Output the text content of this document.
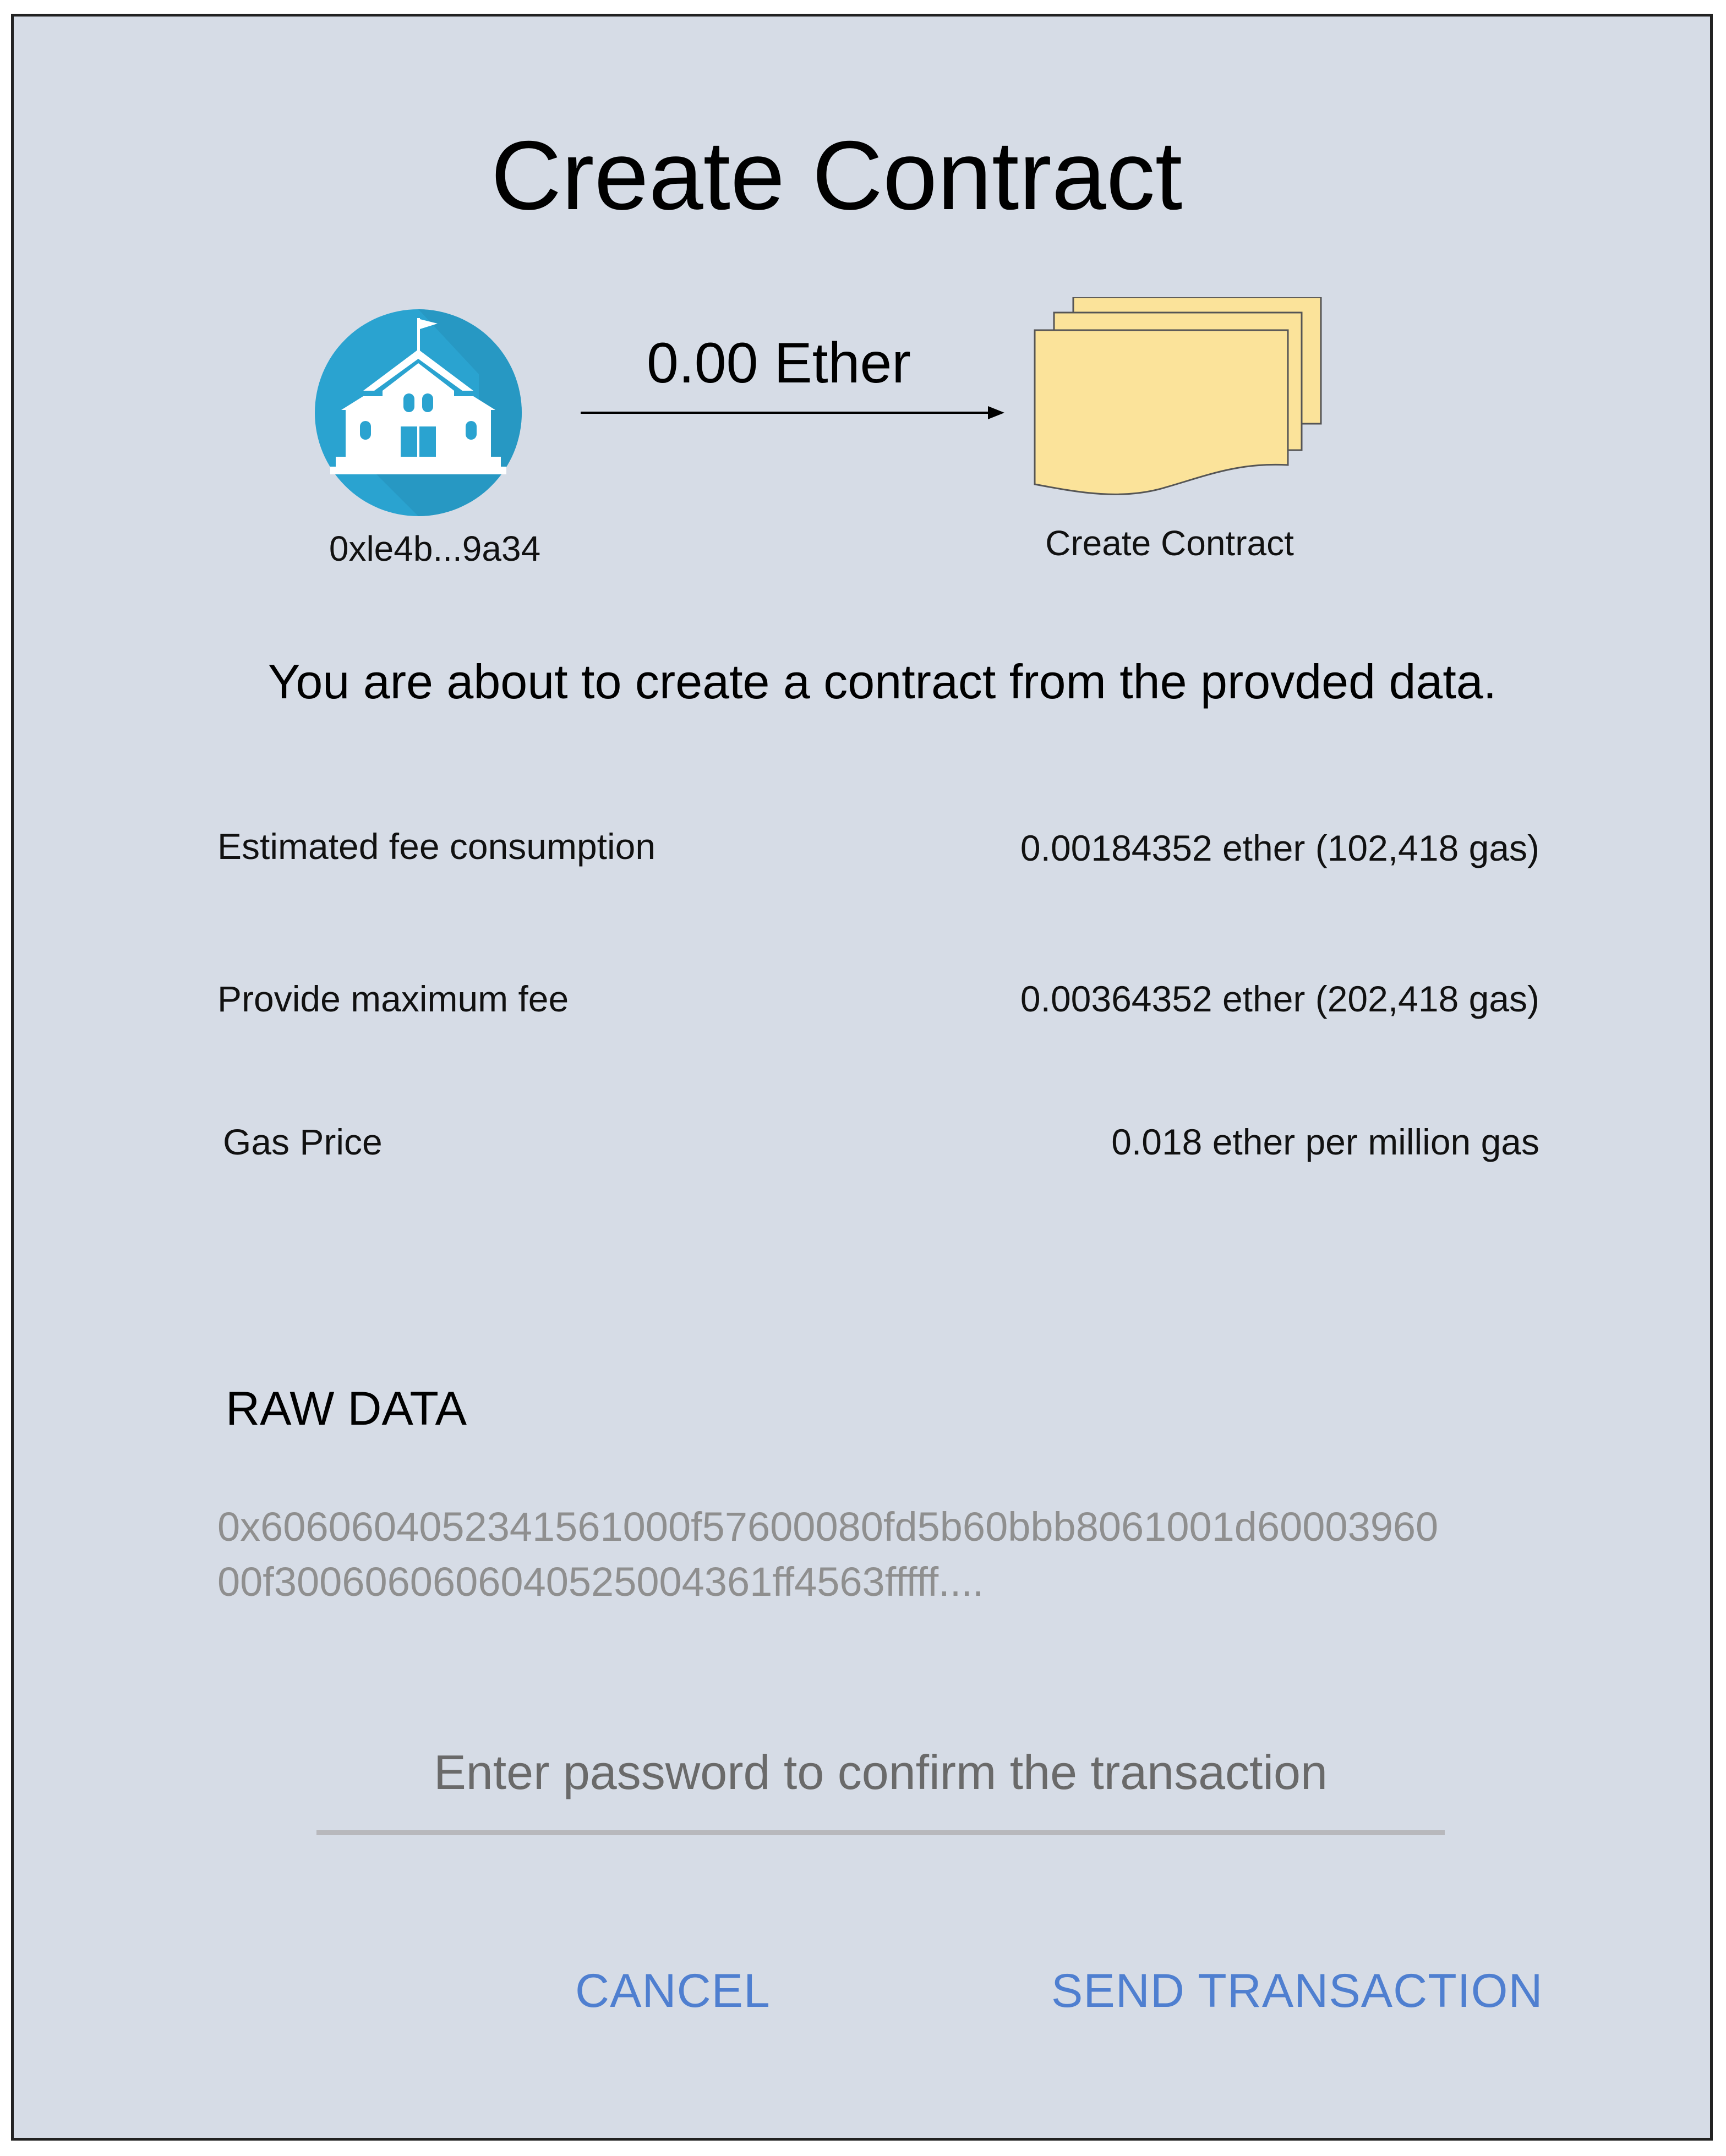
Create Contract
0xle4b...9a34
0.00 Ether
Create Contract
You are about to create a contract from the provded data.
Estimated fee consumption	0.00184352 ether (102,418 gas)
Provide maximum fee	0.00364352 ether (202,418 gas)
Gas Price	0.018 ether per million gas
RAW DATA
0x6060604052341561000f57600080fd5b60bbb8061001d60003960
00f3006060606040525004361ff4563fffff....
CANCEL	SEND TRANSACTION
